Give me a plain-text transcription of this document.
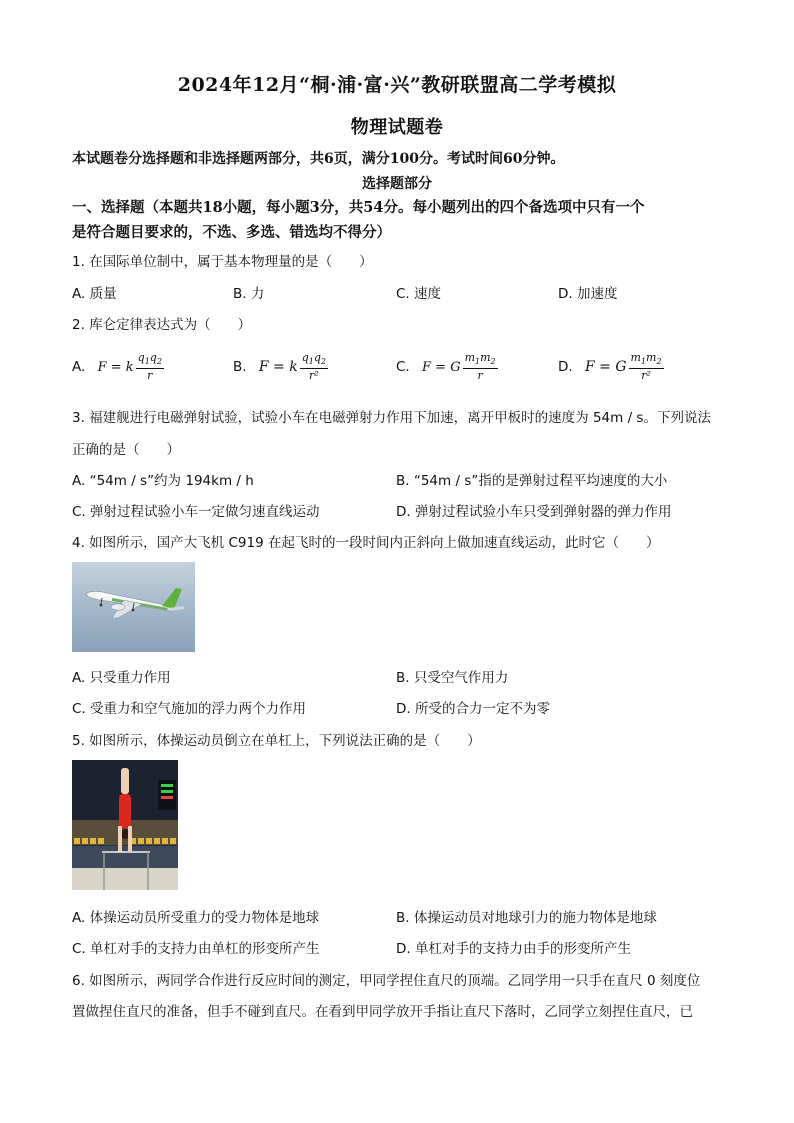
2024年12月“桐·浦·富·兴”教研联盟高二学考模拟
物理试题卷
本试题卷分选择题和非选择题两部分，共6页，满分100分。考试时间60分钟。
选择题部分
一、选择题（本题共18小题，每小题3分，共54分。每小题列出的四个备选项中只有一个
是符合题目要求的，不选、多选、错选均不得分）
1. 在国际单位制中，属于基本物理量的是（　　）
A. 质量	B. 力	C. 速度	D. 加速度
2. 库仑定律表达式为（　　）
A. F = k $\frac{q_1q_2}{r}$	B. F = k $\frac{q_1q_2}{\text{r²}}$	C. F = G $\frac{m_1m_2}{r}$	D. F = G $\frac{m_1m_2}{\text{r²}}$
3. 福建舰进行电磁弹射试验，试验小车在电磁弹射力作用下加速，离开甲板时的速度为 54m / s。下列说法
正确的是（　　）
A. “54m / s”约为 194km / h	B. “54m / s”指的是弹射过程平均速度的大小
C. 弹射过程试验小车一定做匀速直线运动	D. 弹射过程试验小车只受到弹射器的弹力作用
4. 如图所示，国产大飞机 C919 在起飞时的一段时间内正斜向上做加速直线运动，此时它（　　）
A. 只受重力作用	B. 只受空气作用力
C. 受重力和空气施加的浮力两个力作用	D. 所受的合力一定不为零
5. 如图所示，体操运动员倒立在单杠上，下列说法正确的是（　　）
A. 体操运动员所受重力的受力物体是地球	B. 体操运动员对地球引力的施力物体是地球
C. 单杠对手的支持力由单杠的形变所产生	D. 单杠对手的支持力由手的形变所产生
6. 如图所示，两同学合作进行反应时间的测定，甲同学捏住直尺的顶端。乙同学用一只手在直尺 0 刻度位
置做捏住直尺的准备，但手不碰到直尺。在看到甲同学放开手指让直尺下落时，乙同学立刻捏住直尺，已
